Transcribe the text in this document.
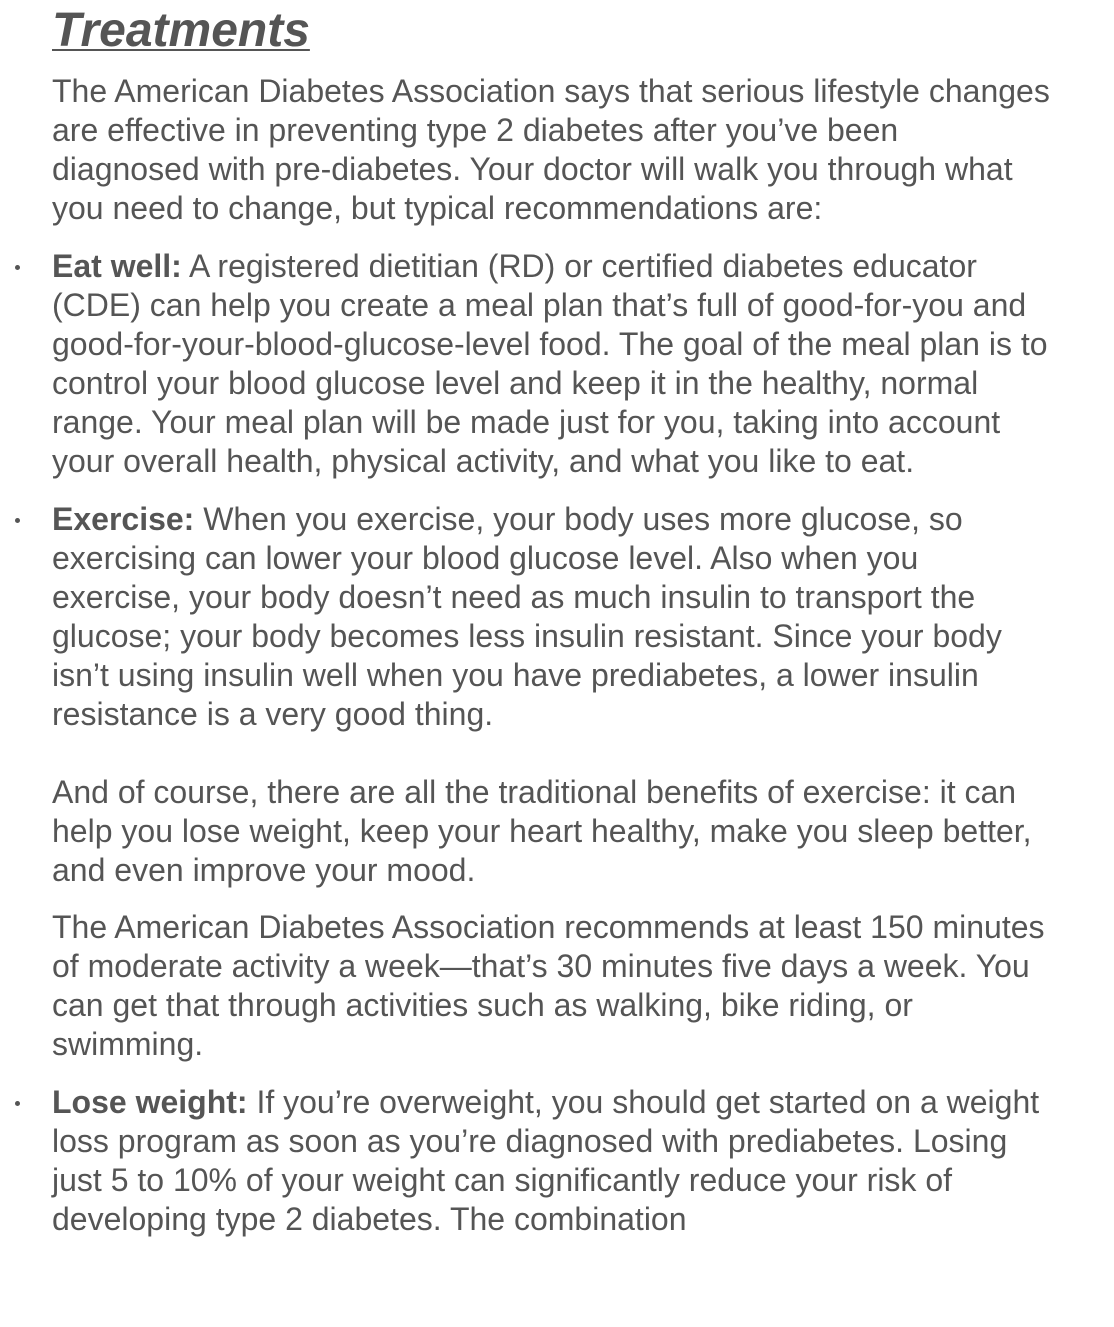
Treatments

The American Diabetes Association says that serious lifestyle changes are effective in preventing type 2 diabetes after you’ve been diagnosed with pre-diabetes. Your doctor will walk you through what you need to change, but typical recommendations are:

Eat well: A registered dietitian (RD) or certified diabetes educator (CDE) can help you create a meal plan that’s full of good-for-you and good-for-your-blood-glucose-level food. The goal of the meal plan is to control your blood glucose level and keep it in the healthy, normal range. Your meal plan will be made just for you, taking into account your overall health, physical activity, and what you like to eat.
Exercise: When you exercise, your body uses more glucose, so exercising can lower your blood glucose level. Also when you exercise, your body doesn’t need as much insulin to transport the glucose; your body becomes less insulin resistant. Since your body isn’t using insulin well when you have prediabetes, a lower insulin resistance is a very good thing.

And of course, there are all the traditional benefits of exercise: it can help you lose weight, keep your heart healthy, make you sleep better, and even improve your mood.

The American Diabetes Association recommends at least 150 minutes of moderate activity a week—that’s 30 minutes five days a week. You can get that through activities such as walking, bike riding, or swimming.

Lose weight: If you’re overweight, you should get started on a weight loss program as soon as you’re diagnosed with prediabetes. Losing just 5 to 10% of your weight can significantly reduce your risk of developing type 2 diabetes. The combination
